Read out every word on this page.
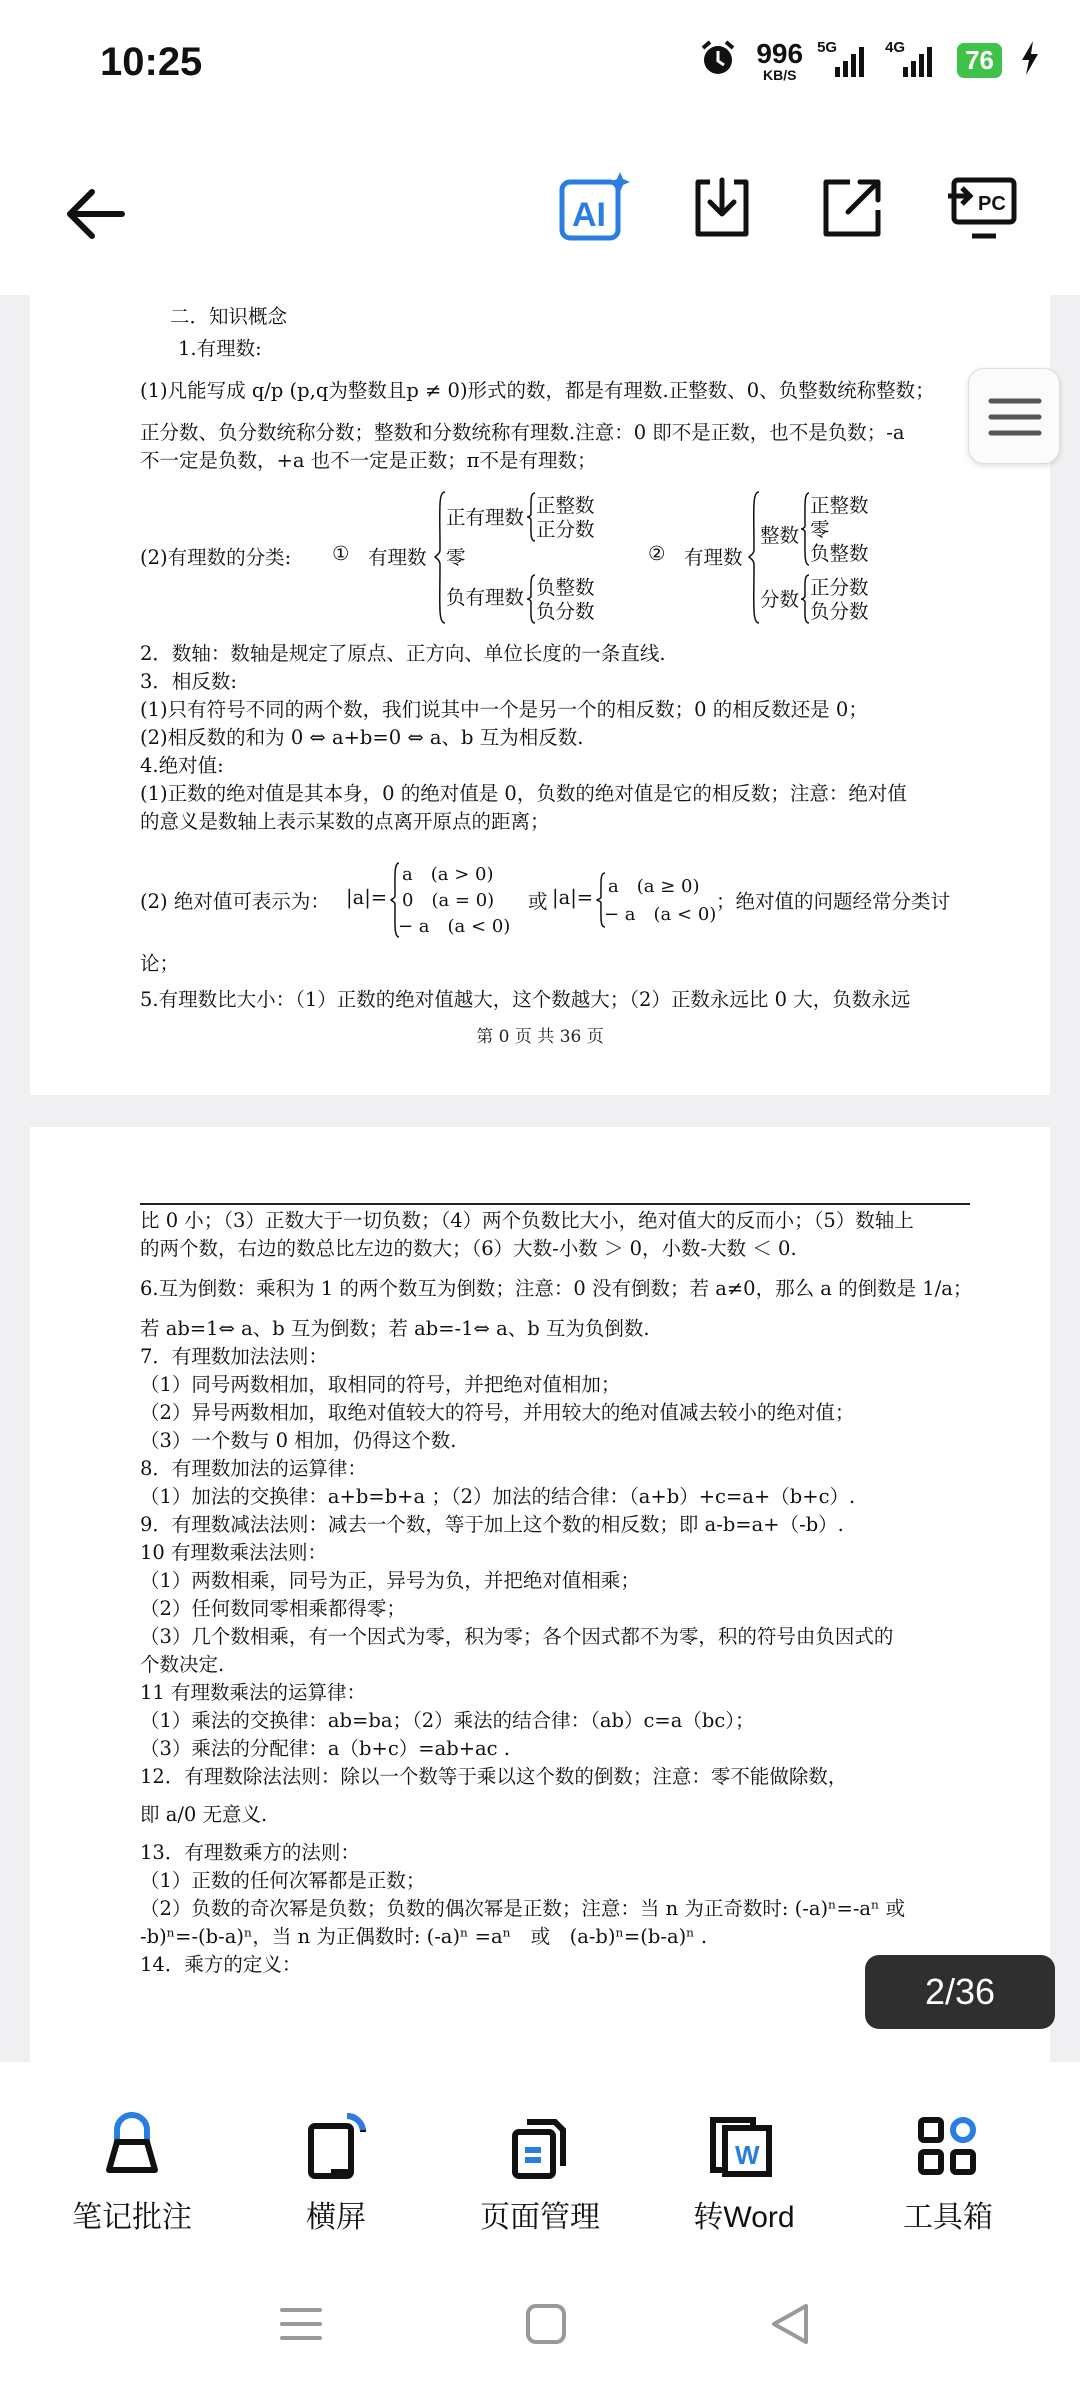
10:25	996
KB/S
5G	4G	76
AI	PC

二．知识概念

1.有理数:

(1)凡能写成 q/p (p,q为整数且p ≠ 0)形式的数，都是有理数.正整数、0、负整数统称整数；

正分数、负分数统称分数；整数和分数统称有理数.注意：0 即不是正数，也不是负数；-a

不一定是负数，+a 也不一定是正数；π不是有理数；

(2)有理数的分类: ① 有理数
正有理数
零
负有理数
正整数
正分数
负整数
负分数
② 有理数
整数
分数
正整数
零
负整数
正分数
负分数

2．数轴：数轴是规定了原点、正方向、单位长度的一条直线.

3．相反数:

(1)只有符号不同的两个数，我们说其中一个是另一个的相反数；0 的相反数还是 0；

(2)相反数的和为 0 ⇔ a+b=0 ⇔ a、b 互为相反数.

4.绝对值:

(1)正数的绝对值是其本身，0 的绝对值是 0，负数的绝对值是它的相反数；注意：绝对值

的意义是数轴上表示某数的点离开原点的距离；

(2) 绝对值可表示为： |a|=
a　(a > 0)
0　(a = 0)
− a　(a < 0)
或 |a|= a　(a ≥ 0)
− a　(a < 0)
；绝对值的问题经常分类讨

论；

5.有理数比大小：（1）正数的绝对值越大，这个数越大；（2）正数永远比 0 大，负数永远

第 0 页 共 36 页

比 0 小；（3）正数大于一切负数；（4）两个负数比大小，绝对值大的反而小；（5）数轴上

的两个数，右边的数总比左边的数大；（6）大数-小数 ＞ 0，小数-大数 ＜ 0.

6.互为倒数：乘积为 1 的两个数互为倒数；注意：0 没有倒数；若 a≠0，那么 a 的倒数是 1/a；

若 ab=1⇔ a、b 互为倒数；若 ab=-1⇔ a、b 互为负倒数.

7．有理数加法法则：

（1）同号两数相加，取相同的符号，并把绝对值相加；

（2）异号两数相加，取绝对值较大的符号，并用较大的绝对值减去较小的绝对值；

（3）一个数与 0 相加，仍得这个数.

8．有理数加法的运算律：

（1）加法的交换律：a+b=b+a ；（2）加法的结合律：（a+b）+c=a+（b+c）.

9．有理数减法法则：减去一个数，等于加上这个数的相反数；即 a-b=a+（-b）.

10 有理数乘法法则：

（1）两数相乘，同号为正，异号为负，并把绝对值相乘；

（2）任何数同零相乘都得零；

（3）几个数相乘，有一个因式为零，积为零；各个因式都不为零，积的符号由负因式的

个数决定.

11 有理数乘法的运算律：

（1）乘法的交换律：ab=ba；（2）乘法的结合律：（ab）c=a（bc）；

（3）乘法的分配律：a（b+c）=ab+ac .

12．有理数除法法则：除以一个数等于乘以这个数的倒数；注意：零不能做除数，

即 a/0 无意义.

13．有理数乘方的法则：

（1）正数的任何次幂都是正数；

（2）负数的奇次幂是负数；负数的偶次幂是正数；注意：当 n 为正奇数时: (-a)ⁿ=-aⁿ 或

-b)ⁿ=-(b-a)ⁿ，当 n 为正偶数时: (-a)ⁿ =aⁿ　或　(a-b)ⁿ=(b-a)ⁿ .

14．乘方的定义：

2/36
笔记批注	横屏	页面管理
W
转Word	工具箱
